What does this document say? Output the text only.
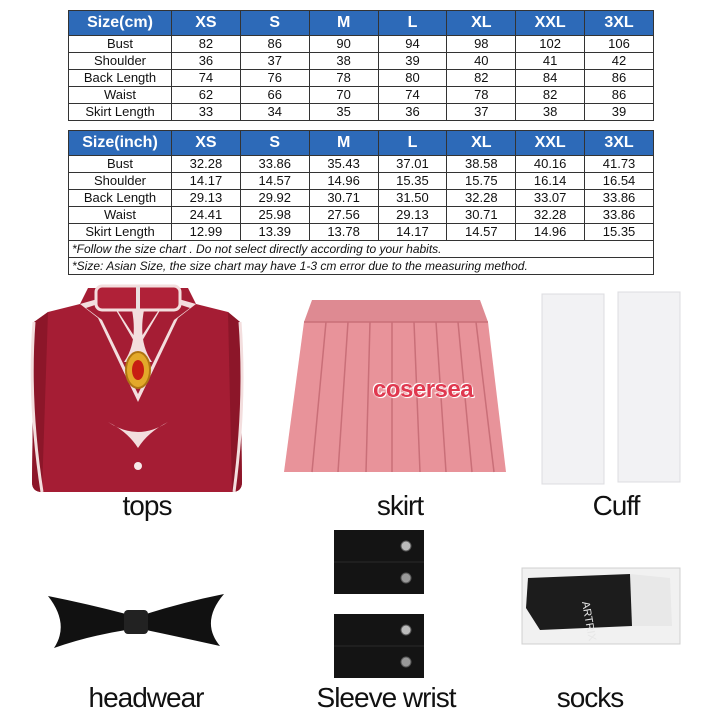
Size(cm)	XS	S	M	L	XL	XXL	3XL
Bust	82	86	90	94	98	102	106
Shoulder	36	37	38	39	40	41	42
Back Length	74	76	78	80	82	84	86
Waist	62	66	70	74	78	82	86
Skirt Length	33	34	35	36	37	38	39
Size(inch)	XS	S	M	L	XL	XXL	3XL
Bust	32.28	33.86	35.43	37.01	38.58	40.16	41.73
Shoulder	14.17	14.57	14.96	15.35	15.75	16.14	16.54
Back Length	29.13	29.92	30.71	31.50	32.28	33.07	33.86
Waist	24.41	25.98	27.56	29.13	30.71	32.28	33.86
Skirt Length	12.99	13.39	13.78	14.17	14.57	14.96	15.35
*Follow the size chart . Do not select directly according to your habits.							
*Size: Asian Size, the size chart may have 1-3 cm error due to the measuring method.							
tops
cosersea
skirt	Cuff
headwear	Sleeve wrist
ARTRIX
socks
